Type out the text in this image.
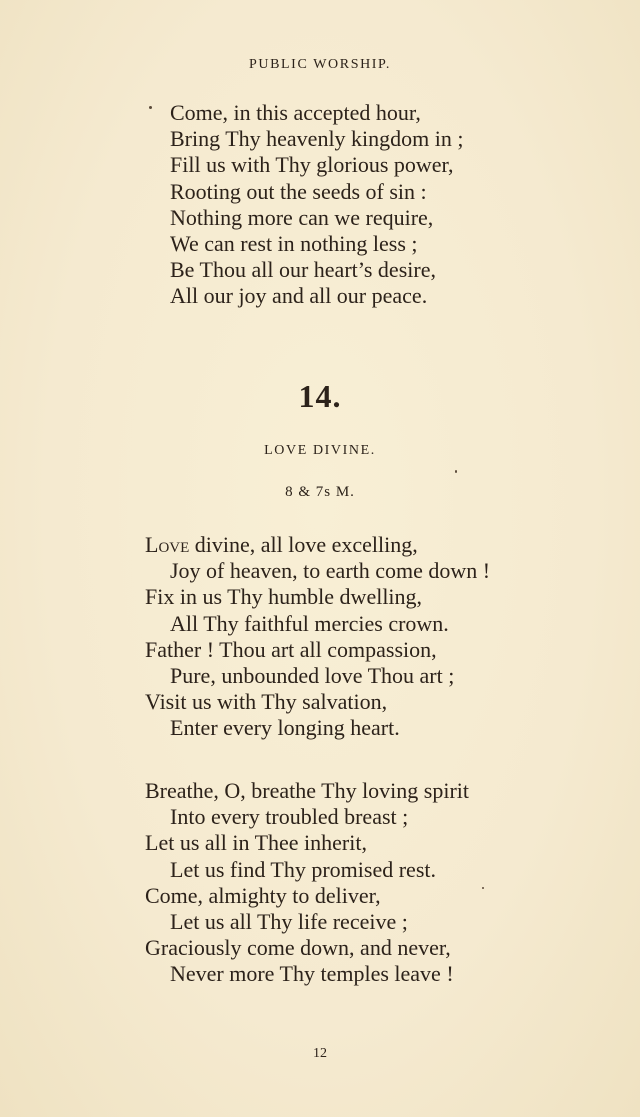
PUBLIC WORSHIP.
Come, in this accepted hour,
Bring Thy heavenly kingdom in ;
Fill us with Thy glorious power,
Rooting out the seeds of sin :
Nothing more can we require,
We can rest in nothing less ;
Be Thou all our heart’s desire,
All our joy and all our peace.
14.
LOVE DIVINE.
8 & 7s M.
Love divine, all love excelling,
Joy of heaven, to earth come down !
Fix in us Thy humble dwelling,
All Thy faithful mercies crown.
Father ! Thou art all compassion,
Pure, unbounded love Thou art ;
Visit us with Thy salvation,
Enter every longing heart.
Breathe, O, breathe Thy loving spirit
Into every troubled breast ;
Let us all in Thee inherit,
Let us find Thy promised rest.
Come, almighty to deliver,
Let us all Thy life receive ;
Graciously come down, and never,
Never more Thy temples leave !
12
